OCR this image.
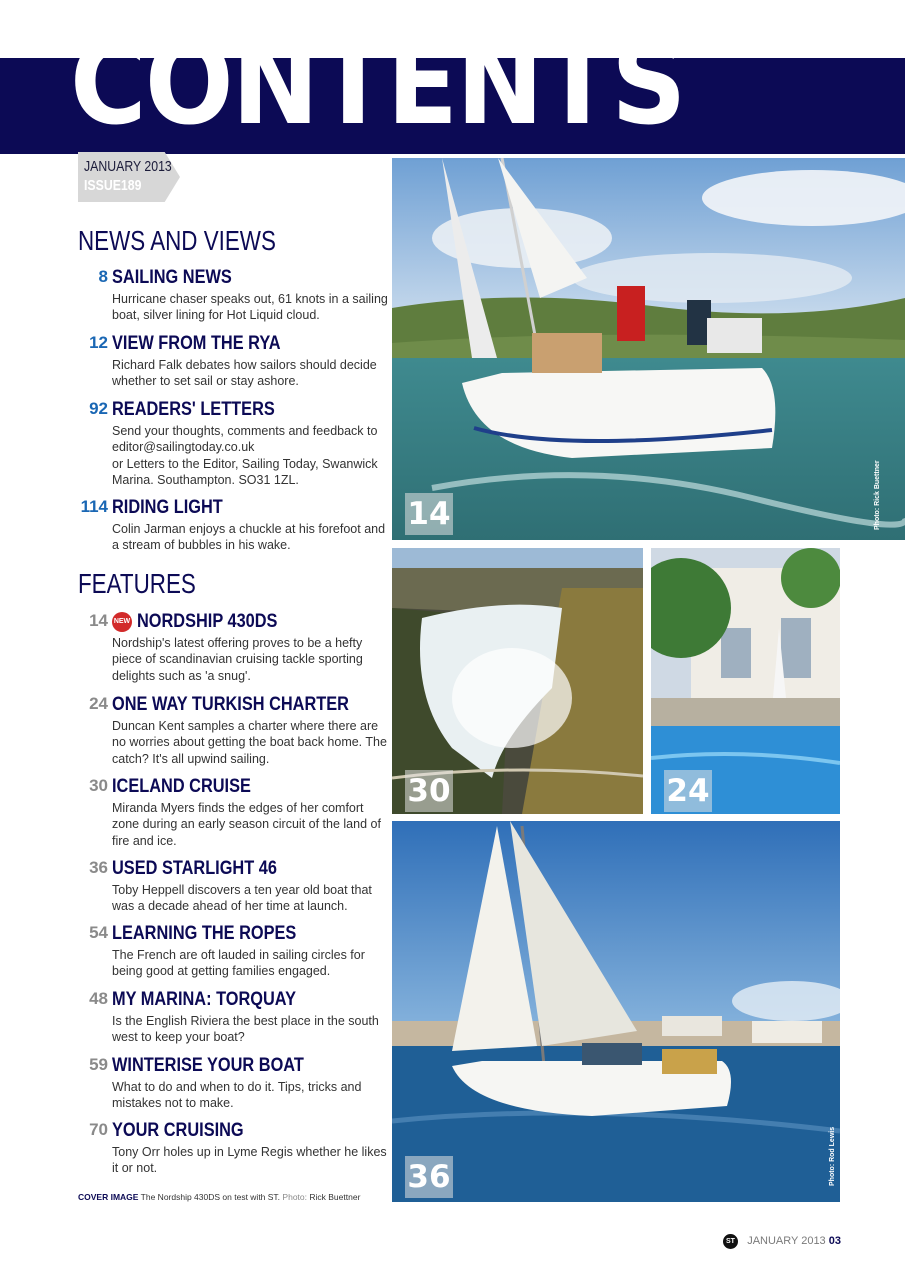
CONTENTS
JANUARY 2013
ISSUE189
NEWS AND VIEWS
8 SAILING NEWS
Hurricane chaser speaks out, 61 knots in a sailing boat, silver lining for Hot Liquid cloud.
12 VIEW FROM THE RYA
Richard Falk debates how sailors should decide whether to set sail or stay ashore.
92 READERS' LETTERS
Send your thoughts, comments and feedback to
editor@sailingtoday.co.uk
or Letters to the Editor, Sailing Today, Swanwick
Marina. Southampton. SO31 1ZL.
114 RIDING LIGHT
Colin Jarman enjoys a chuckle at his forefoot and a stream of bubbles in his wake.
FEATURES
14 NEW NORDSHIP 430DS
Nordship's latest offering proves to be a hefty piece of scandinavian cruising tackle sporting delights such as 'a snug'.
24 ONE WAY TURKISH CHARTER
Duncan Kent samples a charter where there are no worries about getting the boat back home. The catch? It's all upwind sailing.
30 ICELAND CRUISE
Miranda Myers finds the edges of her comfort zone during an early season circuit of the land of fire and ice.
36 USED STARLIGHT 46
Toby Heppell discovers a ten year old boat that was a decade ahead of her time at launch.
54 LEARNING THE ROPES
The French are oft lauded in sailing circles for being good at getting families engaged.
48 MY MARINA: TORQUAY
Is the English Riviera the best place in the south west to keep your boat?
59 WINTERISE YOUR BOAT
What to do and when to do it. Tips, tricks and mistakes not to make.
70 YOUR CRUISING
Tony Orr holes up in Lyme Regis whether he likes it or not.
COVER IMAGE The Nordship 430DS on test with ST. Photo: Rick Buettner
14	Photo: Rick Buettner
30	24
36	Photo: Rod Lewis
ST JANUARY 2013 03
